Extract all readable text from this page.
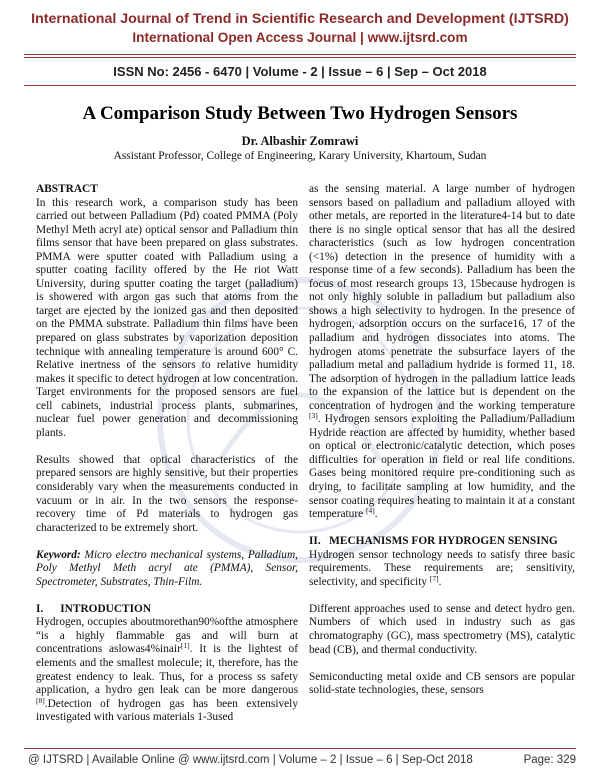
International Journal of Trend in Scientific Research and Development (IJTSRD)
International Open Access Journal | www.ijtsrd.com
ISSN No: 2456 - 6470 | Volume - 2 | Issue – 6 | Sep – Oct 2018
A Comparison Study Between Two Hydrogen Sensors
Dr. Albashir Zomrawi
Assistant Professor, College of Engineering, Karary University, Khartoum, Sudan

ABSTRACT

In this research work, a comparison study has been carried out between Palladium (Pd) coated PMMA (Poly Methyl Meth acryl ate) optical sensor and Palladium thin films sensor that have been prepared on glass substrates. PMMA were sputter coated with Palladium using a sputter coating facility offered by the He riot Watt University, during sputter coating the target (palladium) is showered with argon gas such that atoms from the target are ejected by the ionized gas and then deposited on the PMMA substrate. Palladium thin films have been prepared on glass substrates by vaporization deposition technique with annealing temperature is around 600° C. Relative inertness of the sensors to relative humidity makes it specific to detect hydrogen at low concentration. Target environments for the proposed sensors are fuel cell cabinets, industrial process plants, submarines, nuclear fuel power generation and decommissioning plants.

Results showed that optical characteristics of the prepared sensors are highly sensitive, but their properties considerably vary when the measurements conducted in vacuum or in air. In the two sensors the response-recovery time of Pd materials to hydrogen gas characterized to be extremely short.

Keyword: Micro electro mechanical systems, Palladium, Poly Methyl Meth acryl ate (PMMA), Sensor, Spectrometer, Substrates, Thin-Film.

I.      INTRODUCTION

Hydrogen, occupies aboutmorethan90%ofthe atmosphere “is a highly flammable gas and will burn at concentrations aslowas4%inair[1]. It is the lightest of elements and the smallest molecule; it, therefore, has the greatest endency to leak. Thus, for a process ss safety application, a hydro gen leak can be more dangerous [8].Detection of hydrogen gas has been extensively investigated with various materials 1-3used

as the sensing material. A large number of hydrogen sensors based on palladium and palladium alloyed with other metals, are reported in the literature4-14 but to date there is no single optical sensor that has all the desired characteristics (such as low hydrogen concentration (<1%) detection in the presence of humidity with a response time of a few seconds). Palladium has been the focus of most research groups 13, 15because hydrogen is not only highly soluble in palladium but palladium also shows a high selectivity to hydrogen. In the presence of hydrogen, adsorption occurs on the surface16, 17 of the palladium and hydrogen dissociates into atoms. The hydrogen atoms penetrate the subsurface layers of the palladium metal and palladium hydride is formed 11, 18. The adsorption of hydrogen in the palladium lattice leads to the expansion of the lattice but is dependent on the concentration of hydrogen and the working temperature [3]. Hydrogen sensors exploiting the Palladium/Palladium Hydride reaction are affected by humidity, whether based on optical or electronic/catalytic detection, which poses difficulties for operation in field or real life conditions. Gases being monitored require pre-conditioning such as drying, to facilitate sampling at low humidity, and the sensor coating requires heating to maintain it at a constant temperature [4].

II.   MECHANISMS FOR HYDROGEN SENSING

Hydrogen sensor technology needs to satisfy three basic requirements. These requirements are; sensitivity, selectivity, and specificity [7].

Different approaches used to sense and detect hydro gen. Numbers of which used in industry such as gas chromatography (GC), mass spectrometry (MS), catalytic bead (CB), and thermal conductivity.

Semiconducting metal oxide and CB sensors are popular solid-state technologies, these, sensors

@ IJTSRD | Available Online @ www.ijtsrd.com | Volume – 2 | Issue – 6 | Sep-Oct 2018	Page: 329
